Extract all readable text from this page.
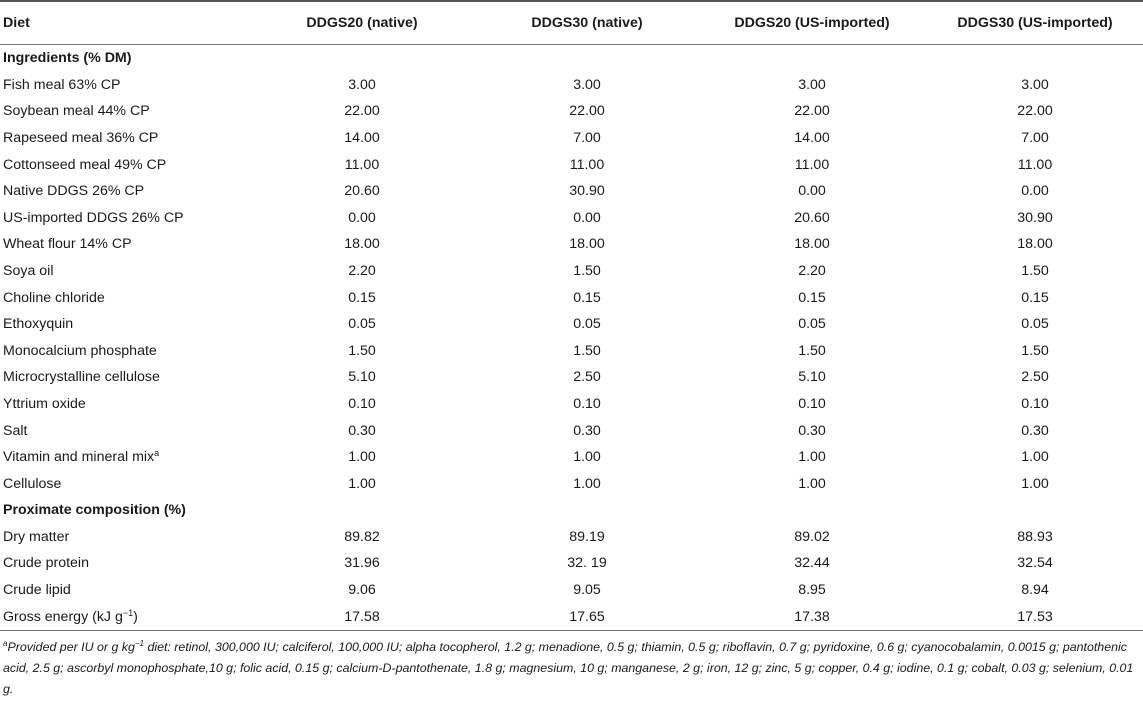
Diet	DDGS20 (native)	DDGS30 (native)	DDGS20 (US-imported)	DDGS30 (US-imported)
Ingredients (% DM)				
Fish meal 63% CP	3.00	3.00	3.00	3.00
Soybean meal 44% CP	22.00	22.00	22.00	22.00
Rapeseed meal 36% CP	14.00	7.00	14.00	7.00
Cottonseed meal 49% CP	11.00	11.00	11.00	11.00
Native DDGS 26% CP	20.60	30.90	0.00	0.00
US-imported DDGS 26% CP	0.00	0.00	20.60	30.90
Wheat flour 14% CP	18.00	18.00	18.00	18.00
Soya oil	2.20	1.50	2.20	1.50
Choline chloride	0.15	0.15	0.15	0.15
Ethoxyquin	0.05	0.05	0.05	0.05
Monocalcium phosphate	1.50	1.50	1.50	1.50
Microcrystalline cellulose	5.10	2.50	5.10	2.50
Yttrium oxide	0.10	0.10	0.10	0.10
Salt	0.30	0.30	0.30	0.30
Vitamin and mineral mix$^a$	1.00	1.00	1.00	1.00
Cellulose	1.00	1.00	1.00	1.00
Proximate composition (%)				
Dry matter	89.82	89.19	89.02	88.93
Crude protein	31.96	32. 19	32.44	32.54
Crude lipid	9.06	9.05	8.95	8.94
Gross energy (kJ $g^{-1}$)	17.58	17.65	17.38	17.53

$^a$Provided per IU or g $kg^{-1}$ diet: retinol, 300,000 IU; calciferol, 100,000 IU; alpha tocopherol, 1.2 g; menadione, 0.5 g; thiamin, 0.5 g; riboflavin, 0.7 g; pyridoxine, 0.6 g; cyanocobalamin, 0.0015 g; pantothenic acid, 2.5 g; ascorbyl monophosphate,10 g; folic acid, 0.15 g; calcium-D-pantothenate, 1.8 g; magnesium, 10 g; manganese, 2 g; iron, 12 g; zinc, 5 g; copper, 0.4 g; iodine, 0.1 g; cobalt, 0.03 g; selenium, 0.01 g.
